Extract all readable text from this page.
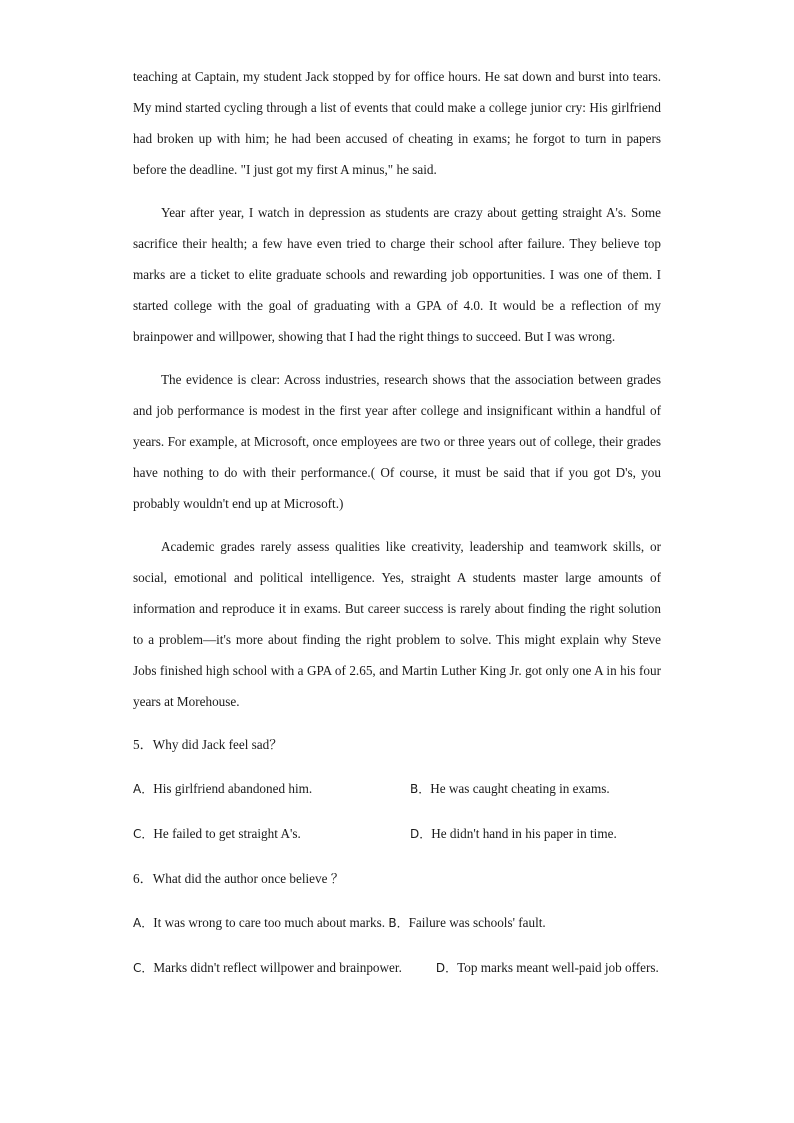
teaching at Captain, my student Jack stopped by for office hours. He sat down and burst into tears. My mind started cycling through a list of events that could make a college junior cry: His girlfriend had broken up with him; he had been accused of cheating in exams; he forgot to turn in papers before the deadline. "I just got my first A minus," he said.

Year after year, I watch in depression as students are crazy about getting straight A's. Some sacrifice their health; a few have even tried to charge their school after failure. They believe top marks are a ticket to elite graduate schools and rewarding job opportunities. I was one of them. I started college with the goal of graduating with a GPA of 4.0. It would be a reflection of my brainpower and willpower, showing that I had the right things to succeed. But I was wrong.

The evidence is clear: Across industries, research shows that the association between grades and job performance is modest in the first year after college and insignificant within a handful of years. For example, at Microsoft, once employees are two or three years out of college, their grades have nothing to do with their performance.( Of course, it must be said that if you got D's, you probably wouldn't end up at Microsoft.)

Academic grades rarely assess qualities like creativity, leadership and teamwork skills, or social, emotional and political intelligence. Yes, straight A students master large amounts of information and reproduce it in exams. But career success is rarely about finding the right solution to a problem—it's more about finding the right problem to solve. This might explain why Steve Jobs finished high school with a GPA of 2.65, and Martin Luther King Jr. got only one A in his four years at Morehouse.

5．Why did Jack feel sad？
A．His girlfriend abandoned him.	B．He was caught cheating in exams.
C．He failed to get straight A's.	D．He didn't hand in his paper in time.
6．What did the author once believe ？
A．It was wrong to care too much about marks. B．Failure was schools' fault.
C．Marks didn't reflect willpower and brainpower.	D．Top marks meant well-paid job offers.
